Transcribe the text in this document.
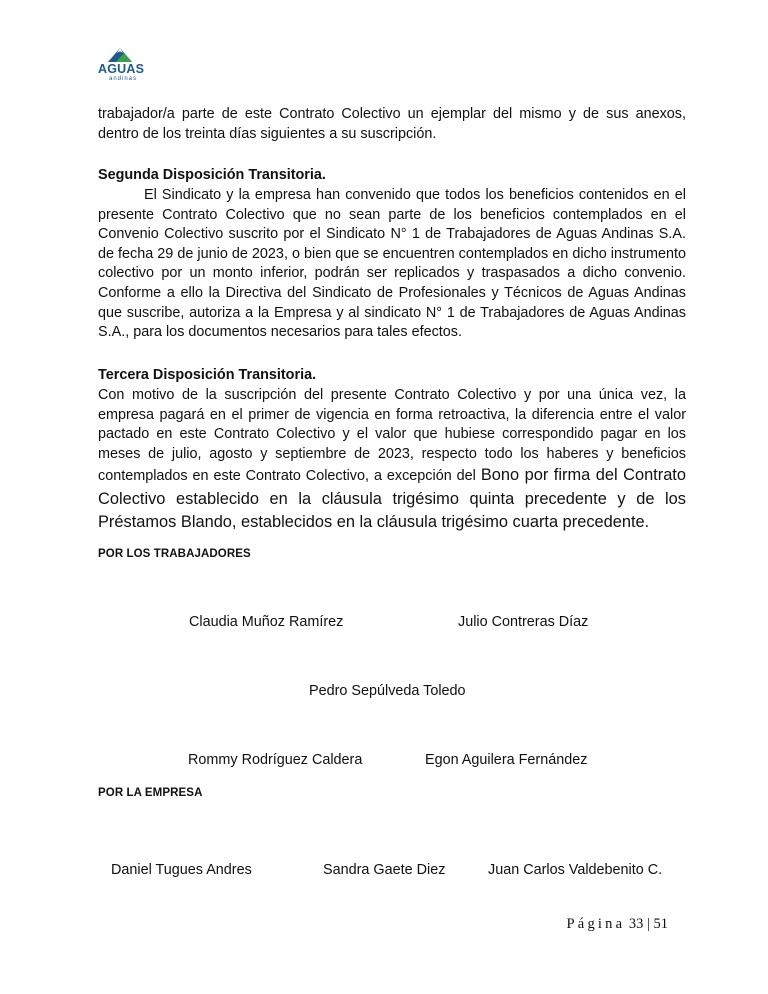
AGUAS
andinas

trabajador/a parte de este Contrato Colectivo un ejemplar del mismo y de sus anexos, dentro de los treinta días siguientes a su suscripción.

Segunda Disposición Transitoria.

El Sindicato y la empresa han convenido que todos los beneficios contenidos en el presente Contrato Colectivo que no sean parte de los beneficios contemplados en el Convenio Colectivo suscrito por el Sindicato N° 1 de Trabajadores de Aguas Andinas S.A. de fecha 29 de junio de 2023, o bien que se encuentren contemplados en dicho instrumento colectivo por un monto inferior, podrán ser replicados y traspasados a dicho convenio. Conforme a ello la Directiva del Sindicato de Profesionales y Técnicos de Aguas Andinas que suscribe, autoriza a la Empresa y al sindicato N° 1 de Trabajadores de Aguas Andinas S.A., para los documentos necesarios para tales efectos.

Tercera Disposición Transitoria.

Con motivo de la suscripción del presente Contrato Colectivo y por una única vez, la empresa pagará en el primer de vigencia en forma retroactiva, la diferencia entre el valor pactado en este Contrato Colectivo y el valor que hubiese correspondido pagar en los meses de julio, agosto y septiembre de 2023, respecto todo los haberes y beneficios contemplados en este Contrato Colectivo, a excepción del Bono por firma del Contrato Colectivo establecido en la cláusula trigésimo quinta precedente y de los Préstamos Blando, establecidos en la cláusula trigésimo cuarta precedente.

POR LOS TRABAJADORES
Claudia Muñoz Ramírez	Julio Contreras Díaz
Pedro Sepúlveda Toledo
Rommy Rodríguez Caldera	Egon Aguilera Fernández
POR LA EMPRESA
Daniel Tugues Andres	Sandra Gaete Diez	Juan Carlos Valdebenito C.
Página 33 | 51
